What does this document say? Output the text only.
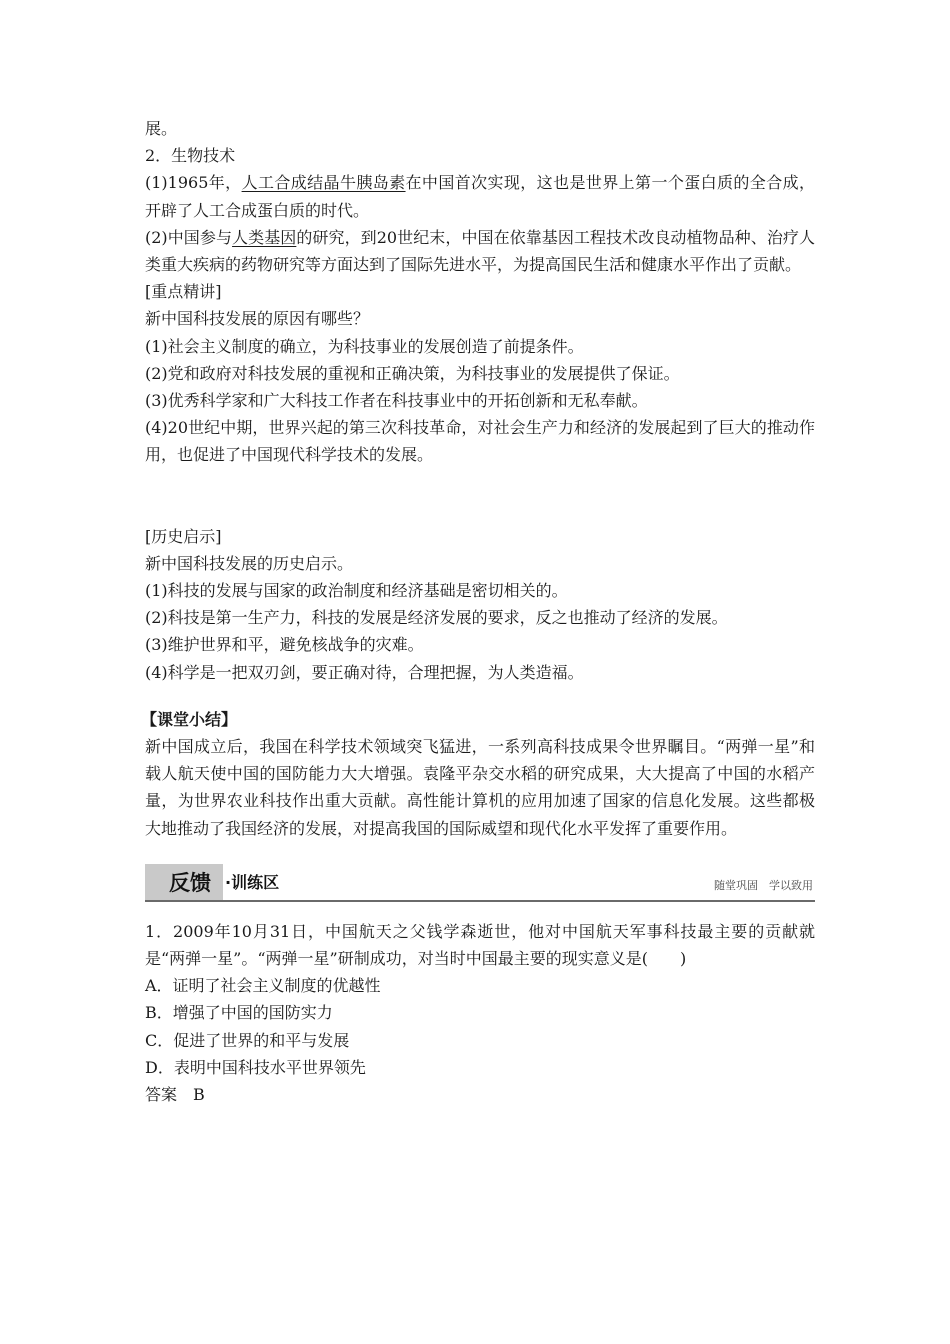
展。

2．生物技术

(1)1965年，人工合成结晶牛胰岛素在中国首次实现，这也是世界上第一个蛋白质的全合成，开辟了人工合成蛋白质的时代。

(2)中国参与人类基因的研究，到20世纪末，中国在依靠基因工程技术改良动植物品种、治疗人类重大疾病的药物研究等方面达到了国际先进水平，为提高国民生活和健康水平作出了贡献。

[重点精讲]

新中国科技发展的原因有哪些？

(1)社会主义制度的确立，为科技事业的发展创造了前提条件。

(2)党和政府对科技发展的重视和正确决策，为科技事业的发展提供了保证。

(3)优秀科学家和广大科技工作者在科技事业中的开拓创新和无私奉献。

(4)20世纪中期，世界兴起的第三次科技革命，对社会生产力和经济的发展起到了巨大的推动作用，也促进了中国现代科学技术的发展。

[历史启示]

新中国科技发展的历史启示。

(1)科技的发展与国家的政治制度和经济基础是密切相关的。

(2)科技是第一生产力，科技的发展是经济发展的要求，反之也推动了经济的发展。

(3)维护世界和平，避免核战争的灾难。

(4)科学是一把双刃剑，要正确对待，合理把握，为人类造福。

【课堂小结】

新中国成立后，我国在科学技术领域突飞猛进，一系列高科技成果令世界瞩目。“两弹一星”和载人航天使中国的国防能力大大增强。袁隆平杂交水稻的研究成果，大大提高了中国的水稻产量，为世界农业科技作出重大贡献。高性能计算机的应用加速了国家的信息化发展。这些都极大地推动了我国经济的发展，对提高我国的国际威望和现代化水平发挥了重要作用。

反馈 ·训练区	随堂巩固　学以致用

1．2009年10月31日，中国航天之父钱学森逝世，他对中国航天军事科技最主要的贡献就是“两弹一星”。“两弹一星”研制成功，对当时中国最主要的现实意义是(　　)

A．证明了社会主义制度的优越性

B．增强了中国的国防实力

C．促进了世界的和平与发展

D．表明中国科技水平世界领先

答案　B
